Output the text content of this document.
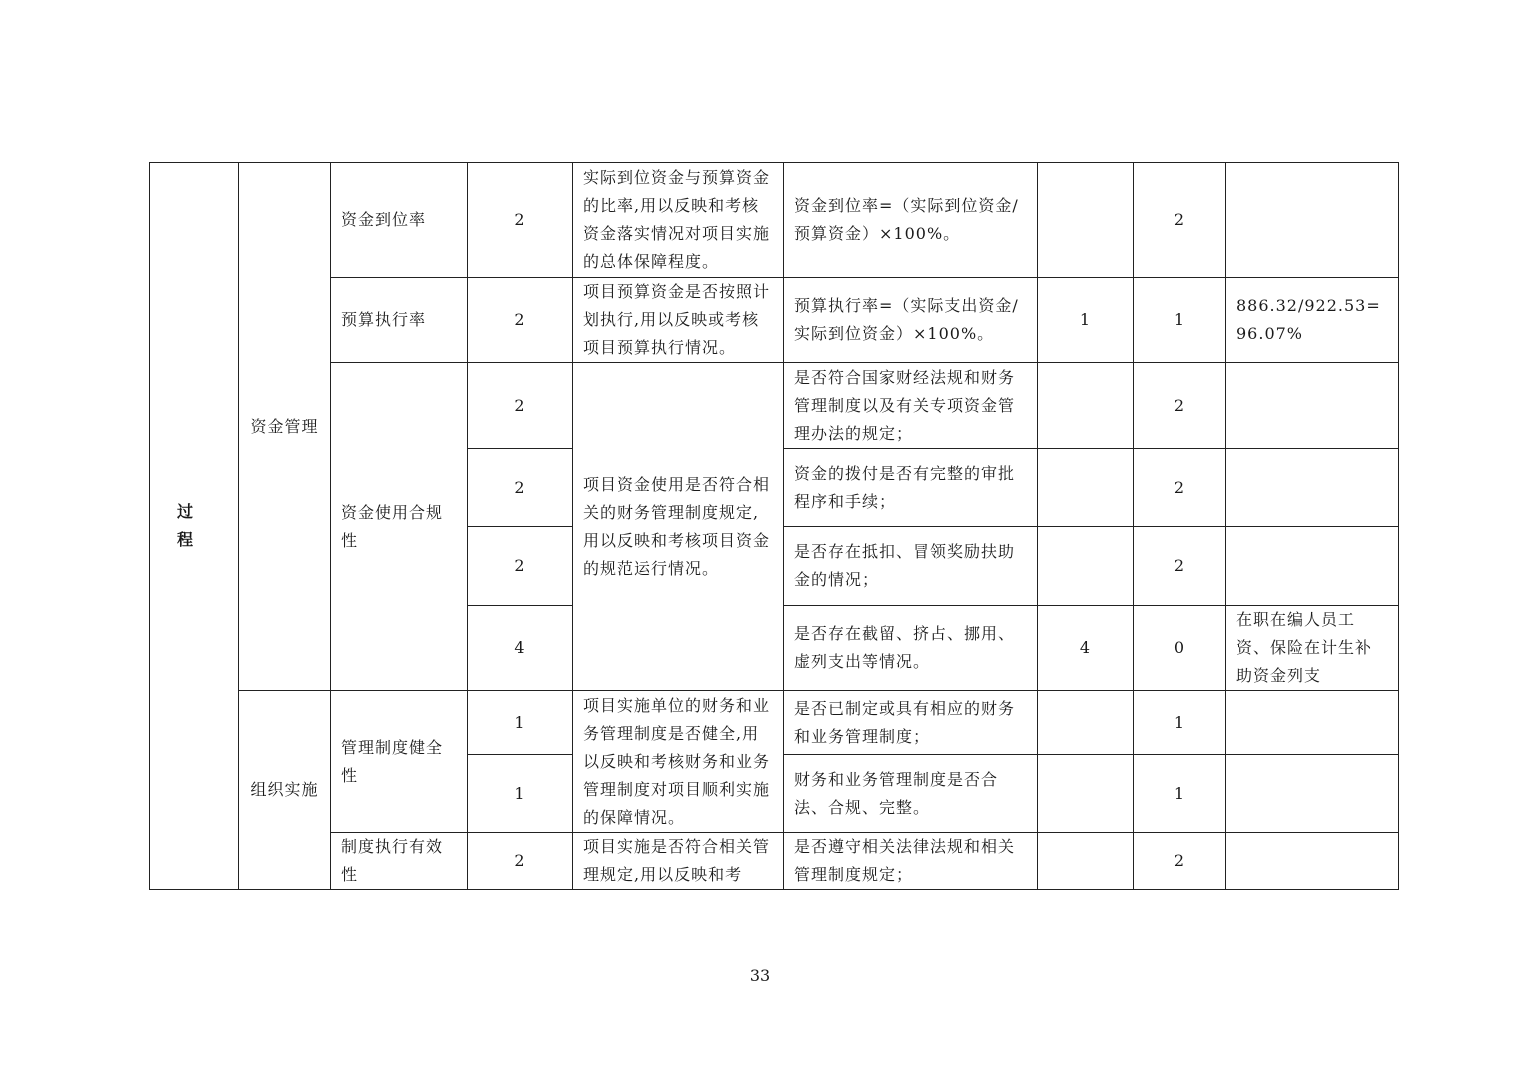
过 程	资金管理	资金到位率	2	实际到位资金与预算资金的比率,用以反映和考核资金落实情况对项目实施的总体保障程度。	资金到位率=（实际到位资金/预算资金）×100%。		2	
		预算执行率	2	项目预算资金是否按照计划执行,用以反映或考核项目预算执行情况。	预算执行率=（实际支出资金/实际到位资金）×100%。	1	1	886.32/922.53=96.07%
		资金使用合规性	2	项目资金使用是否符合相关的财务管理制度规定,用以反映和考核项目资金的规范运行情况。	是否符合国家财经法规和财务管理制度以及有关专项资金管理办法的规定；		2	
			2		资金的拨付是否有完整的审批程序和手续；		2	
			2		是否存在抵扣、冒领奖励扶助金的情况；		2	
			4		是否存在截留、挤占、挪用、虚列支出等情况。	4	0	在职在编人员工资、保险在计生补助资金列支
	组织实施	管理制度健全性	1	项目实施单位的财务和业务管理制度是否健全,用以反映和考核财务和业务管理制度对项目顺利实施的保障情况。	是否已制定或具有相应的财务和业务管理制度；		1	
			1		财务和业务管理制度是否合法、合规、完整。		1	
		制度执行有效性	2	项目实施是否符合相关管理规定,用以反映和考	是否遵守相关法律法规和相关管理制度规定；		2	
33
